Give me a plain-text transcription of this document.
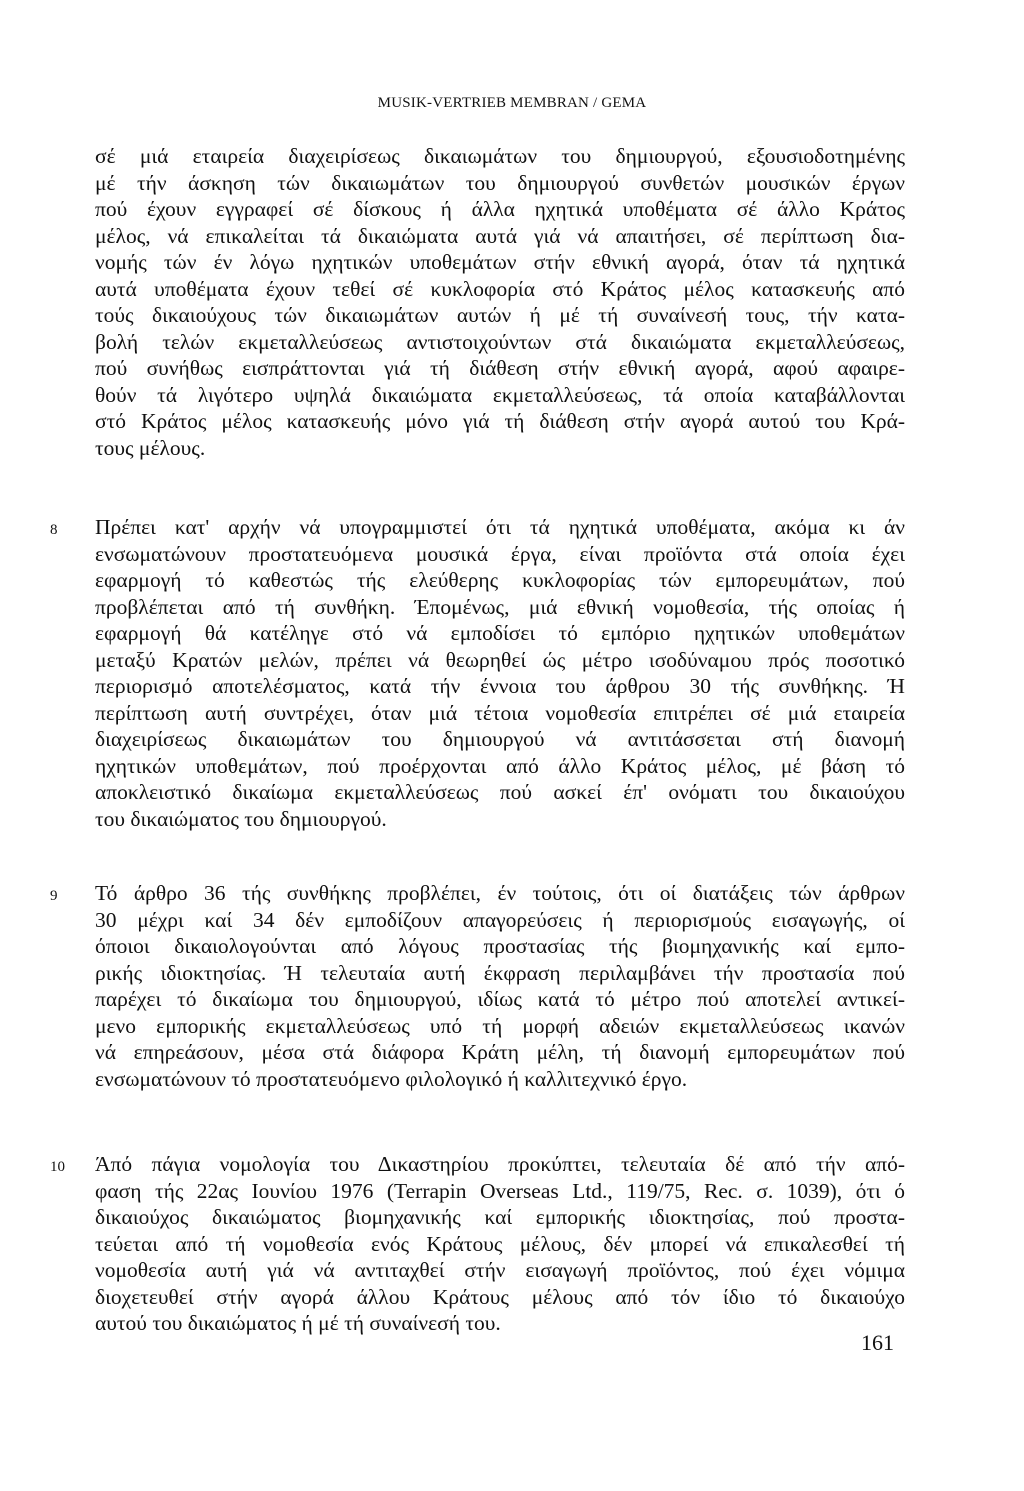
MUSIK-VERTRIEB MEMBRAN / GEMA
σέ μιά εταιρεία διαχειρίσεως δικαιωμάτων του δημιουργού, εξουσιοδοτημένης
μέ τήν άσκηση τών δικαιωμάτων του δημιουργού συνθετών μουσικών έργων
πού έχουν εγγραφεί σέ δίσκους ή άλλα ηχητικά υποθέματα σέ άλλο Κράτος
μέλος, νά επικαλείται τά δικαιώματα αυτά γιά νά απαιτήσει, σέ περίπτωση δια-
νομής τών έν λόγω ηχητικών υποθεμάτων στήν εθνική αγορά, όταν τά ηχητικά
αυτά υποθέματα έχουν τεθεί σέ κυκλοφορία στό Κράτος μέλος κατασκευής από
τούς δικαιούχους τών δικαιωμάτων αυτών ή μέ τή συναίνεσή τους, τήν κατα-
βολή τελών εκμεταλλεύσεως αντιστοιχούντων στά δικαιώματα εκμεταλλεύσεως,
πού συνήθως εισπράττονται γιά τή διάθεση στήν εθνική αγορά, αφού αφαιρε-
θούν τά λιγότερο υψηλά δικαιώματα εκμεταλλεύσεως, τά οποία καταβάλλονται
στό Κράτος μέλος κατασκευής μόνο γιά τή διάθεση στήν αγορά αυτού του Κρά-
τους μέλους.
8 Πρέπει κατ' αρχήν νά υπογραμμιστεί ότι τά ηχητικά υποθέματα, ακόμα κι άν
ενσωματώνουν προστατευόμενα μουσικά έργα, είναι προϊόντα στά οποία έχει
εφαρμογή τό καθεστώς τής ελεύθερης κυκλοφορίας τών εμπορευμάτων, πού
προβλέπεται από τή συνθήκη. Έπομένως, μιά εθνική νομοθεσία, τής οποίας ή
εφαρμογή θά κατέληγε στό νά εμποδίσει τό εμπόριο ηχητικών υποθεμάτων
μεταξύ Κρατών μελών, πρέπει νά θεωρηθεί ώς μέτρο ισοδύναμου πρός ποσοτικό
περιορισμό αποτελέσματος, κατά τήν έννοια του άρθρου 30 τής συνθήκης. Ή
περίπτωση αυτή συντρέχει, όταν μιά τέτοια νομοθεσία επιτρέπει σέ μιά εταιρεία
διαχειρίσεως δικαιωμάτων του δημιουργού νά αντιτάσσεται στή διανομή
ηχητικών υποθεμάτων, πού προέρχονται από άλλο Κράτος μέλος, μέ βάση τό
αποκλειστικό δικαίωμα εκμεταλλεύσεως πού ασκεί έπ' ονόματι του δικαιούχου
του δικαιώματος του δημιουργού.
9 Τό άρθρο 36 τής συνθήκης προβλέπει, έν τούτοις, ότι οί διατάξεις τών άρθρων
30 μέχρι καί 34 δέν εμποδίζουν απαγορεύσεις ή περιορισμούς εισαγωγής, οί
όποιοι δικαιολογούνται από λόγους προστασίας τής βιομηχανικής καί εμπο-
ρικής ιδιοκτησίας. Ή τελευταία αυτή έκφραση περιλαμβάνει τήν προστασία πού
παρέχει τό δικαίωμα του δημιουργού, ιδίως κατά τό μέτρο πού αποτελεί αντικεί-
μενο εμπορικής εκμεταλλεύσεως υπό τή μορφή αδειών εκμεταλλεύσεως ικανών
νά επηρεάσουν, μέσα στά διάφορα Κράτη μέλη, τή διανομή εμπορευμάτων πού
ενσωματώνουν τό προστατευόμενο φιλολογικό ή καλλιτεχνικό έργο.
10 Άπό πάγια νομολογία του Δικαστηρίου προκύπτει, τελευταία δέ από τήν από-
φαση τής 22ας Ιουνίου 1976 (Terrapin Overseas Ltd., 119/75, Rec. σ. 1039), ότι ό
δικαιούχος δικαιώματος βιομηχανικής καί εμπορικής ιδιοκτησίας, πού προστα-
τεύεται από τή νομοθεσία ενός Κράτους μέλους, δέν μπορεί νά επικαλεσθεί τή
νομοθεσία αυτή γιά νά αντιταχθεί στήν εισαγωγή προϊόντος, πού έχει νόμιμα
διοχετευθεί στήν αγορά άλλου Κράτους μέλους από τόν ίδιο τό δικαιούχο
αυτού του δικαιώματος ή μέ τή συναίνεσή του.
161
